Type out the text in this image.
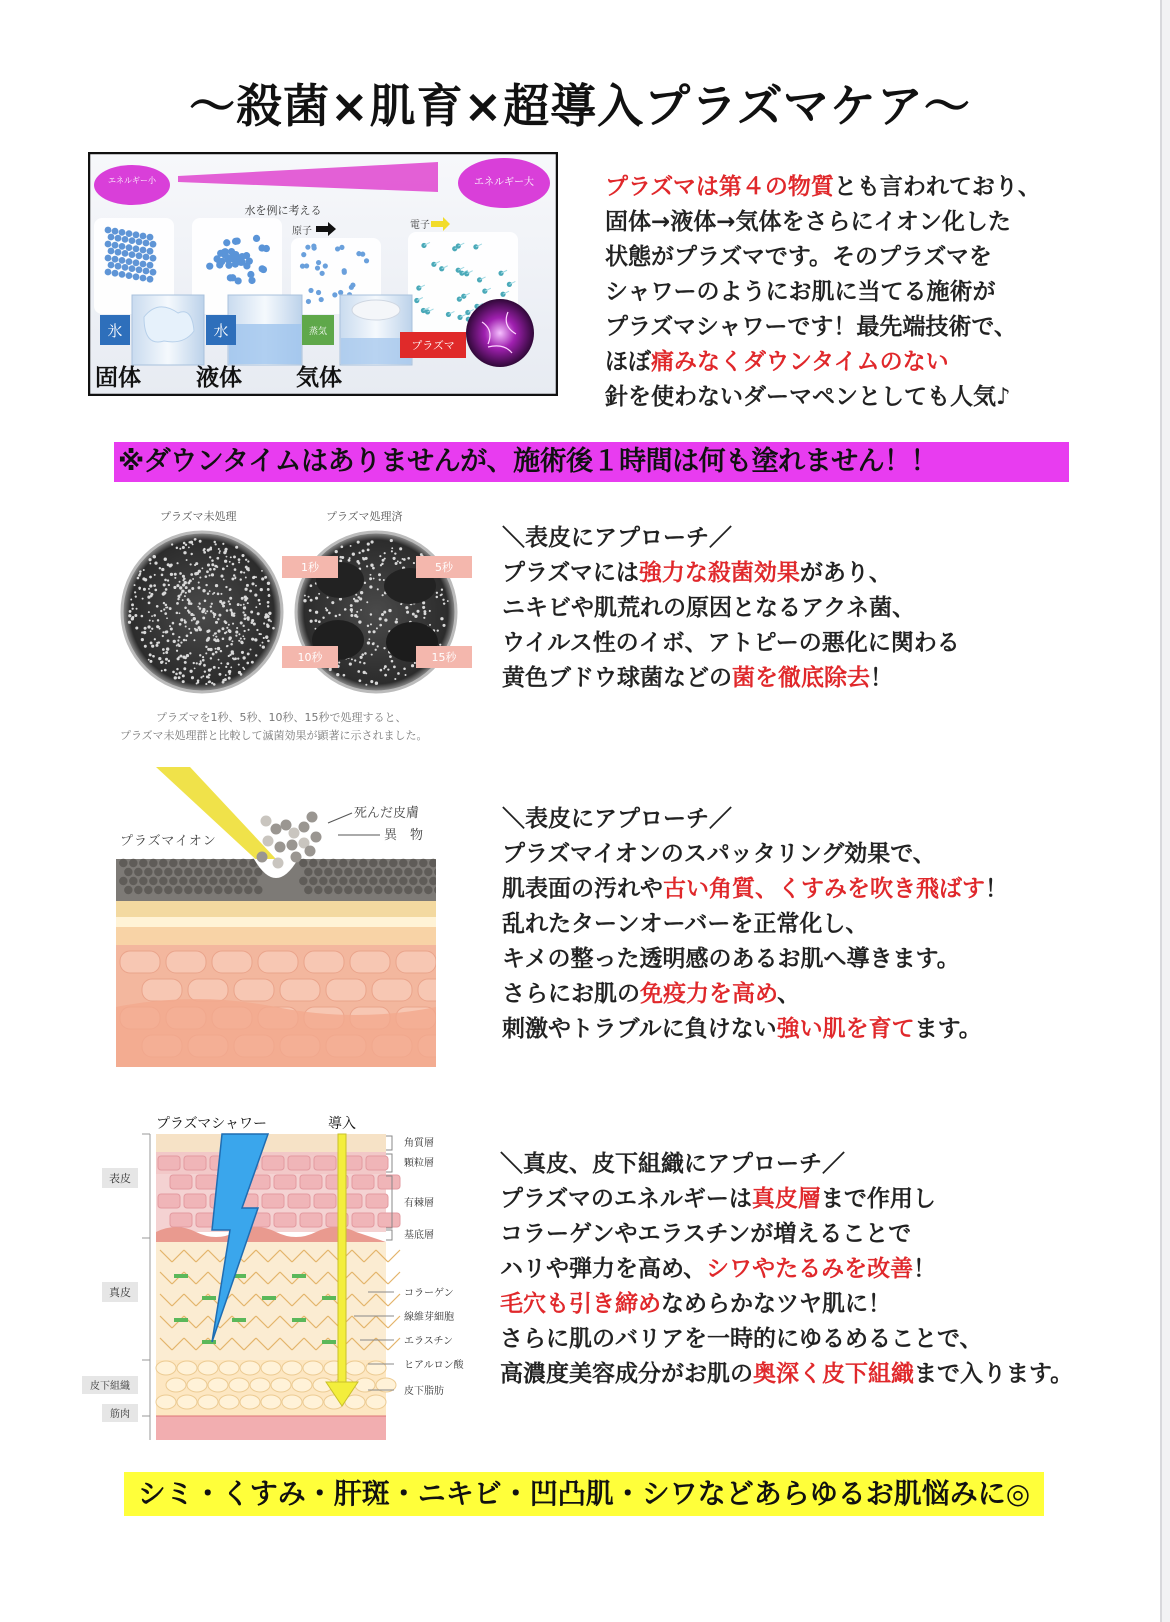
～殺菌×肌育×超導入プラズマケア～
エネルギー小	エネルギー大
水を例に考える
原子
電子
氷	水	蒸気
プラズマ
固体 液体 気体
プラズマは第４の物質とも言われており、
固体→液体→気体をさらにイオン化した
状態がプラズマです。そのプラズマを
シャワーのようにお肌に当てる施術が
プラズマシャワーです！最先端技術で、
ほぼ痛みなくダウンタイムのない
針を使わないダーマペンとしても人気♪
※ダウンタイムはありませんが、施術後１時間は何も塗れません！！
プラズマ未処理	プラズマ処理済
1秒	5秒
10秒	15秒
プラズマを1秒、5秒、10秒、15秒で処理すると、
プラズマ未処理群と比較して滅菌効果が顕著に示されました。
＼表皮にアプローチ／
プラズマには強力な殺菌効果があり、
ニキビや肌荒れの原因となるアクネ菌、
ウイルス性のイボ、アトピーの悪化に関わる
黄色ブドウ球菌などの菌を徹底除去！
プラズマイオン
死んだ皮膚
異　物
＼表皮にアプローチ／
プラズマイオンのスパッタリング効果で、
肌表面の汚れや古い角質、くすみを吹き飛ばす！
乱れたターンオーバーを正常化し、
キメの整った透明感のあるお肌へ導きます。
さらにお肌の免疫力を高め、
刺激やトラブルに負けない強い肌を育てます。
プラズマシャワー	導入
表皮
真皮
皮下組織
筋肉
角質層
顆粒層
有棘層
基底層
コラーゲン
線維芽細胞
エラスチン
ヒアルロン酸
皮下脂肪
＼真皮、皮下組織にアプローチ／
プラズマのエネルギーは真皮層まで作用し
コラーゲンやエラスチンが増えることで
ハリや弾力を高め、シワやたるみを改善！
毛穴も引き締めなめらかなツヤ肌に！
さらに肌のバリアを一時的にゆるめることで、
高濃度美容成分がお肌の奥深く皮下組織まで入ります。
シミ・くすみ・肝斑・ニキビ・凹凸肌・シワなどあらゆるお肌悩みに◎
